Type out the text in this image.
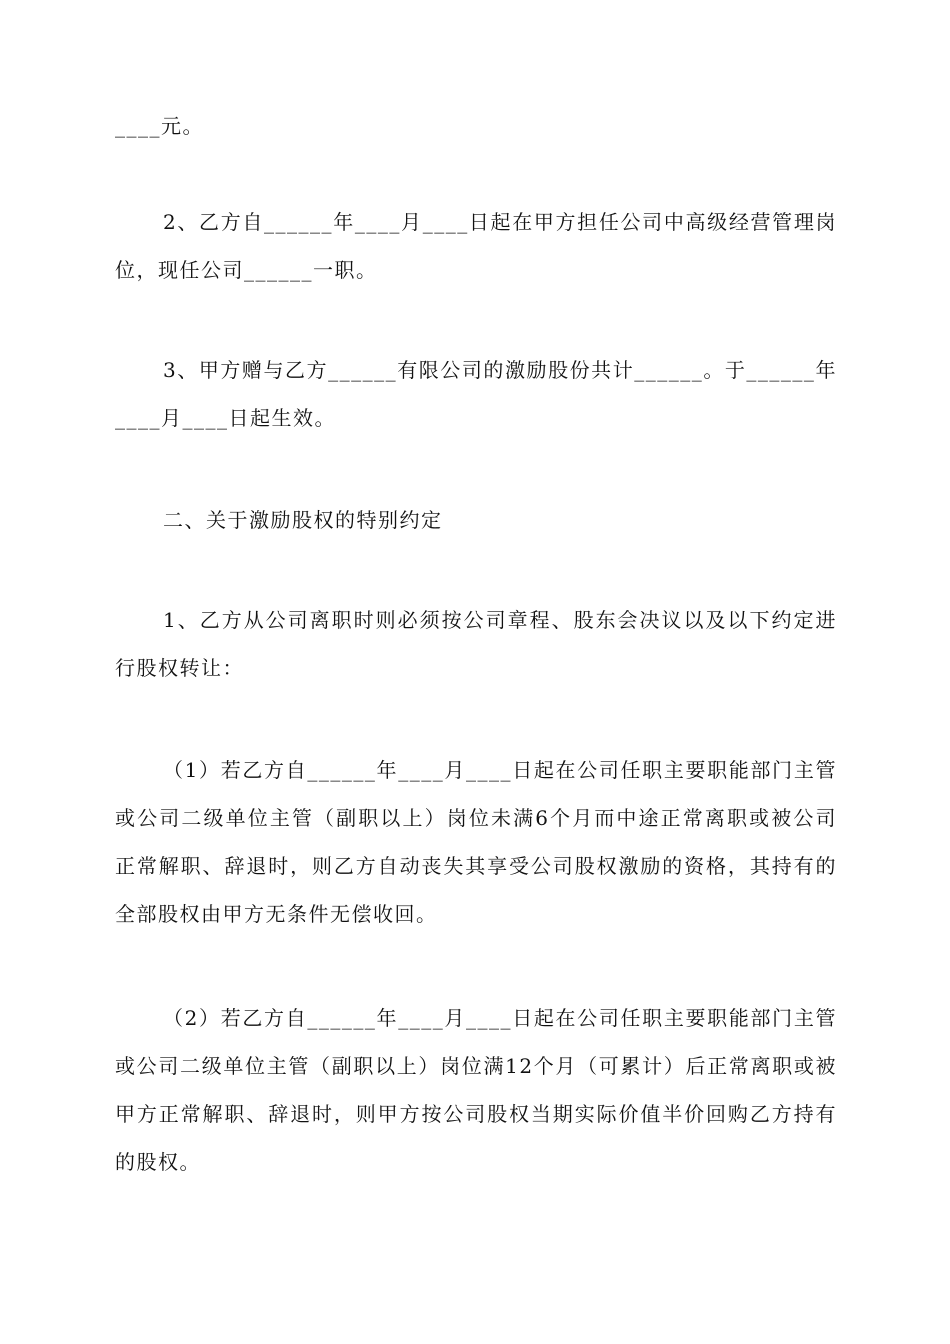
____元。

2、乙方自______年____月____日起在甲方担任公司中高级经营管理岗位，现任公司______一职。

3、甲方赠与乙方______有限公司的激励股份共计______。于______年____月____日起生效。

二、关于激励股权的特别约定

1、乙方从公司离职时则必须按公司章程、股东会决议以及以下约定进行股权转让：

（1）若乙方自______年____月____日起在公司任职主要职能部门主管或公司二级单位主管（副职以上）岗位未满6个月而中途正常离职或被公司正常解职、辞退时，则乙方自动丧失其享受公司股权激励的资格，其持有的全部股权由甲方无条件无偿收回。

（2）若乙方自______年____月____日起在公司任职主要职能部门主管或公司二级单位主管（副职以上）岗位满12个月（可累计）后正常离职或被甲方正常解职、辞退时，则甲方按公司股权当期实际价值半价回购乙方持有的股权。
